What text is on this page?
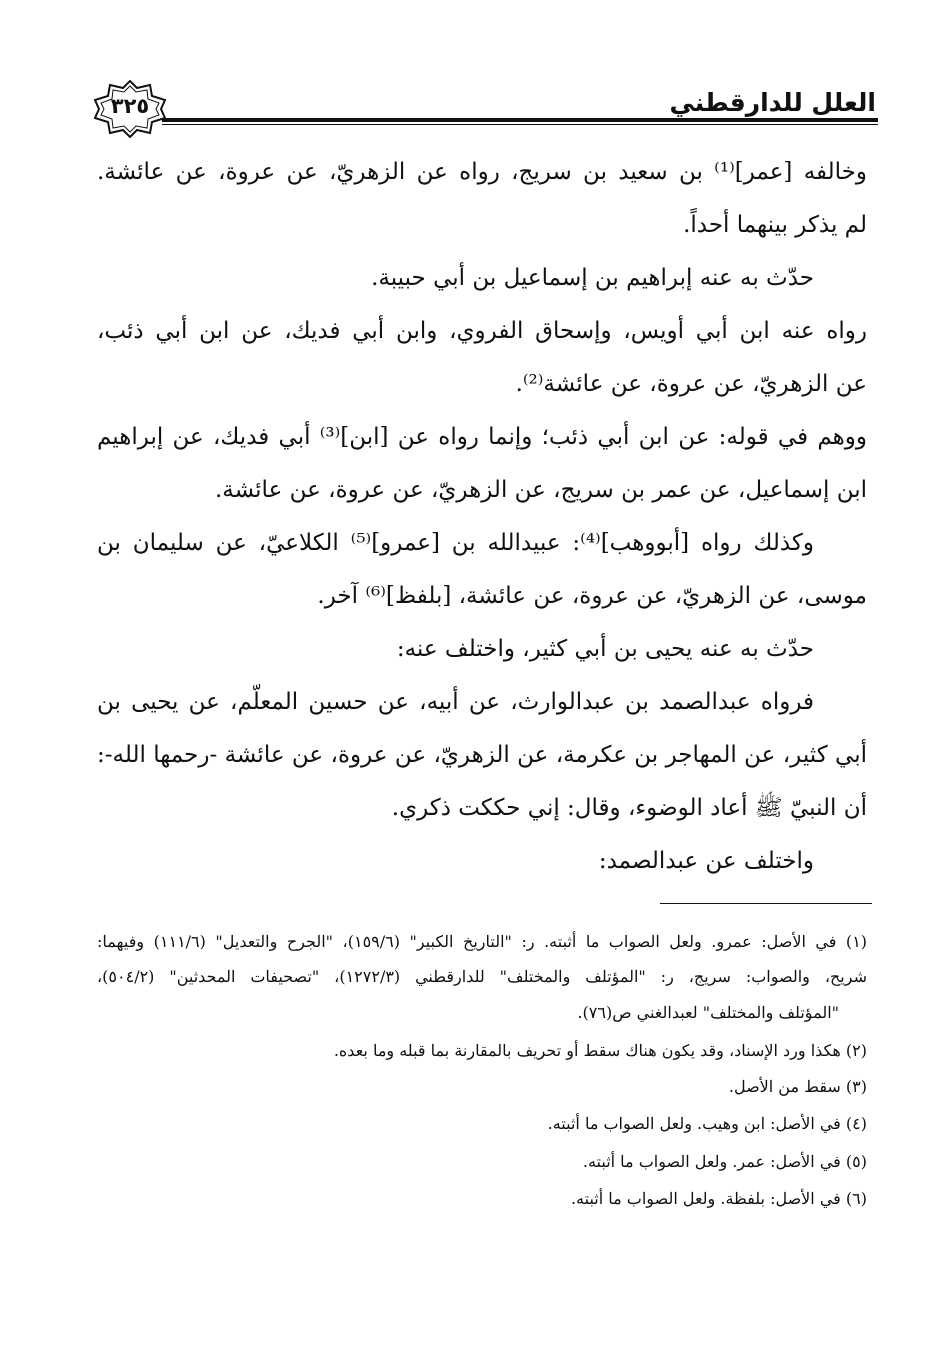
العلل للدارقطني
٣٢٥
وخالفه [عمر]⁽¹⁾ بن سعيد بن سريج، رواه عن الزهريّ، عن عروة، عن عائشة.
لم يذكر بينهما أحداً.
حدّث به عنه إبراهيم بن إسماعيل بن أبي حبيبة.
رواه عنه ابن أبي أويس، وإسحاق الفروي، وابن أبي فديك، عن ابن أبي ذئب،
عن الزهريّ، عن عروة، عن عائشة⁽²⁾.
ووهم في قوله: عن ابن أبي ذئب؛ وإنما رواه عن [ابن]⁽³⁾ أبي فديك، عن إبراهيم
ابن إسماعيل، عن عمر بن سريج، عن الزهريّ، عن عروة، عن عائشة.
وكذلك رواه [أبووهب]⁽⁴⁾: عبيدالله بن [عمرو]⁽⁵⁾ الكلاعيّ، عن سليمان بن
موسى، عن الزهريّ، عن عروة، عن عائشة، [بلفظ]⁽⁶⁾ آخر.
حدّث به عنه يحيى بن أبي كثير، واختلف عنه:
فرواه عبدالصمد بن عبدالوارث، عن أبيه، عن حسين المعلّم، عن يحيى بن
أبي كثير، عن المهاجر بن عكرمة، عن الزهريّ، عن عروة، عن عائشة -رحمها الله-:
أن النبيّ ﷺ أعاد الوضوء، وقال: إني حككت ذكري.
واختلف عن عبدالصمد:
(١) في الأصل: عمرو. ولعل الصواب ما أثبته. ر: "التاريخ الكبير" (١٥٩/٦)، "الجرح والتعديل" (١١١/٦) وفيهما:
شريح، والصواب: سريج، ر: "المؤتلف والمختلف" للدارقطني (١٢٧٢/٣)، "تصحيفات المحدثين" (٥٠٤/٢)،
"المؤتلف والمختلف" لعبدالغني ص(٧٦).
(٢) هكذا ورد الإسناد، وقد يكون هناك سقط أو تحريف بالمقارنة بما قبله وما بعده.
(٣) سقط من الأصل.
(٤) في الأصل: ابن وهيب. ولعل الصواب ما أثبته.
(٥) في الأصل: عمر. ولعل الصواب ما أثبته.
(٦) في الأصل: بلفظة. ولعل الصواب ما أثبته.
